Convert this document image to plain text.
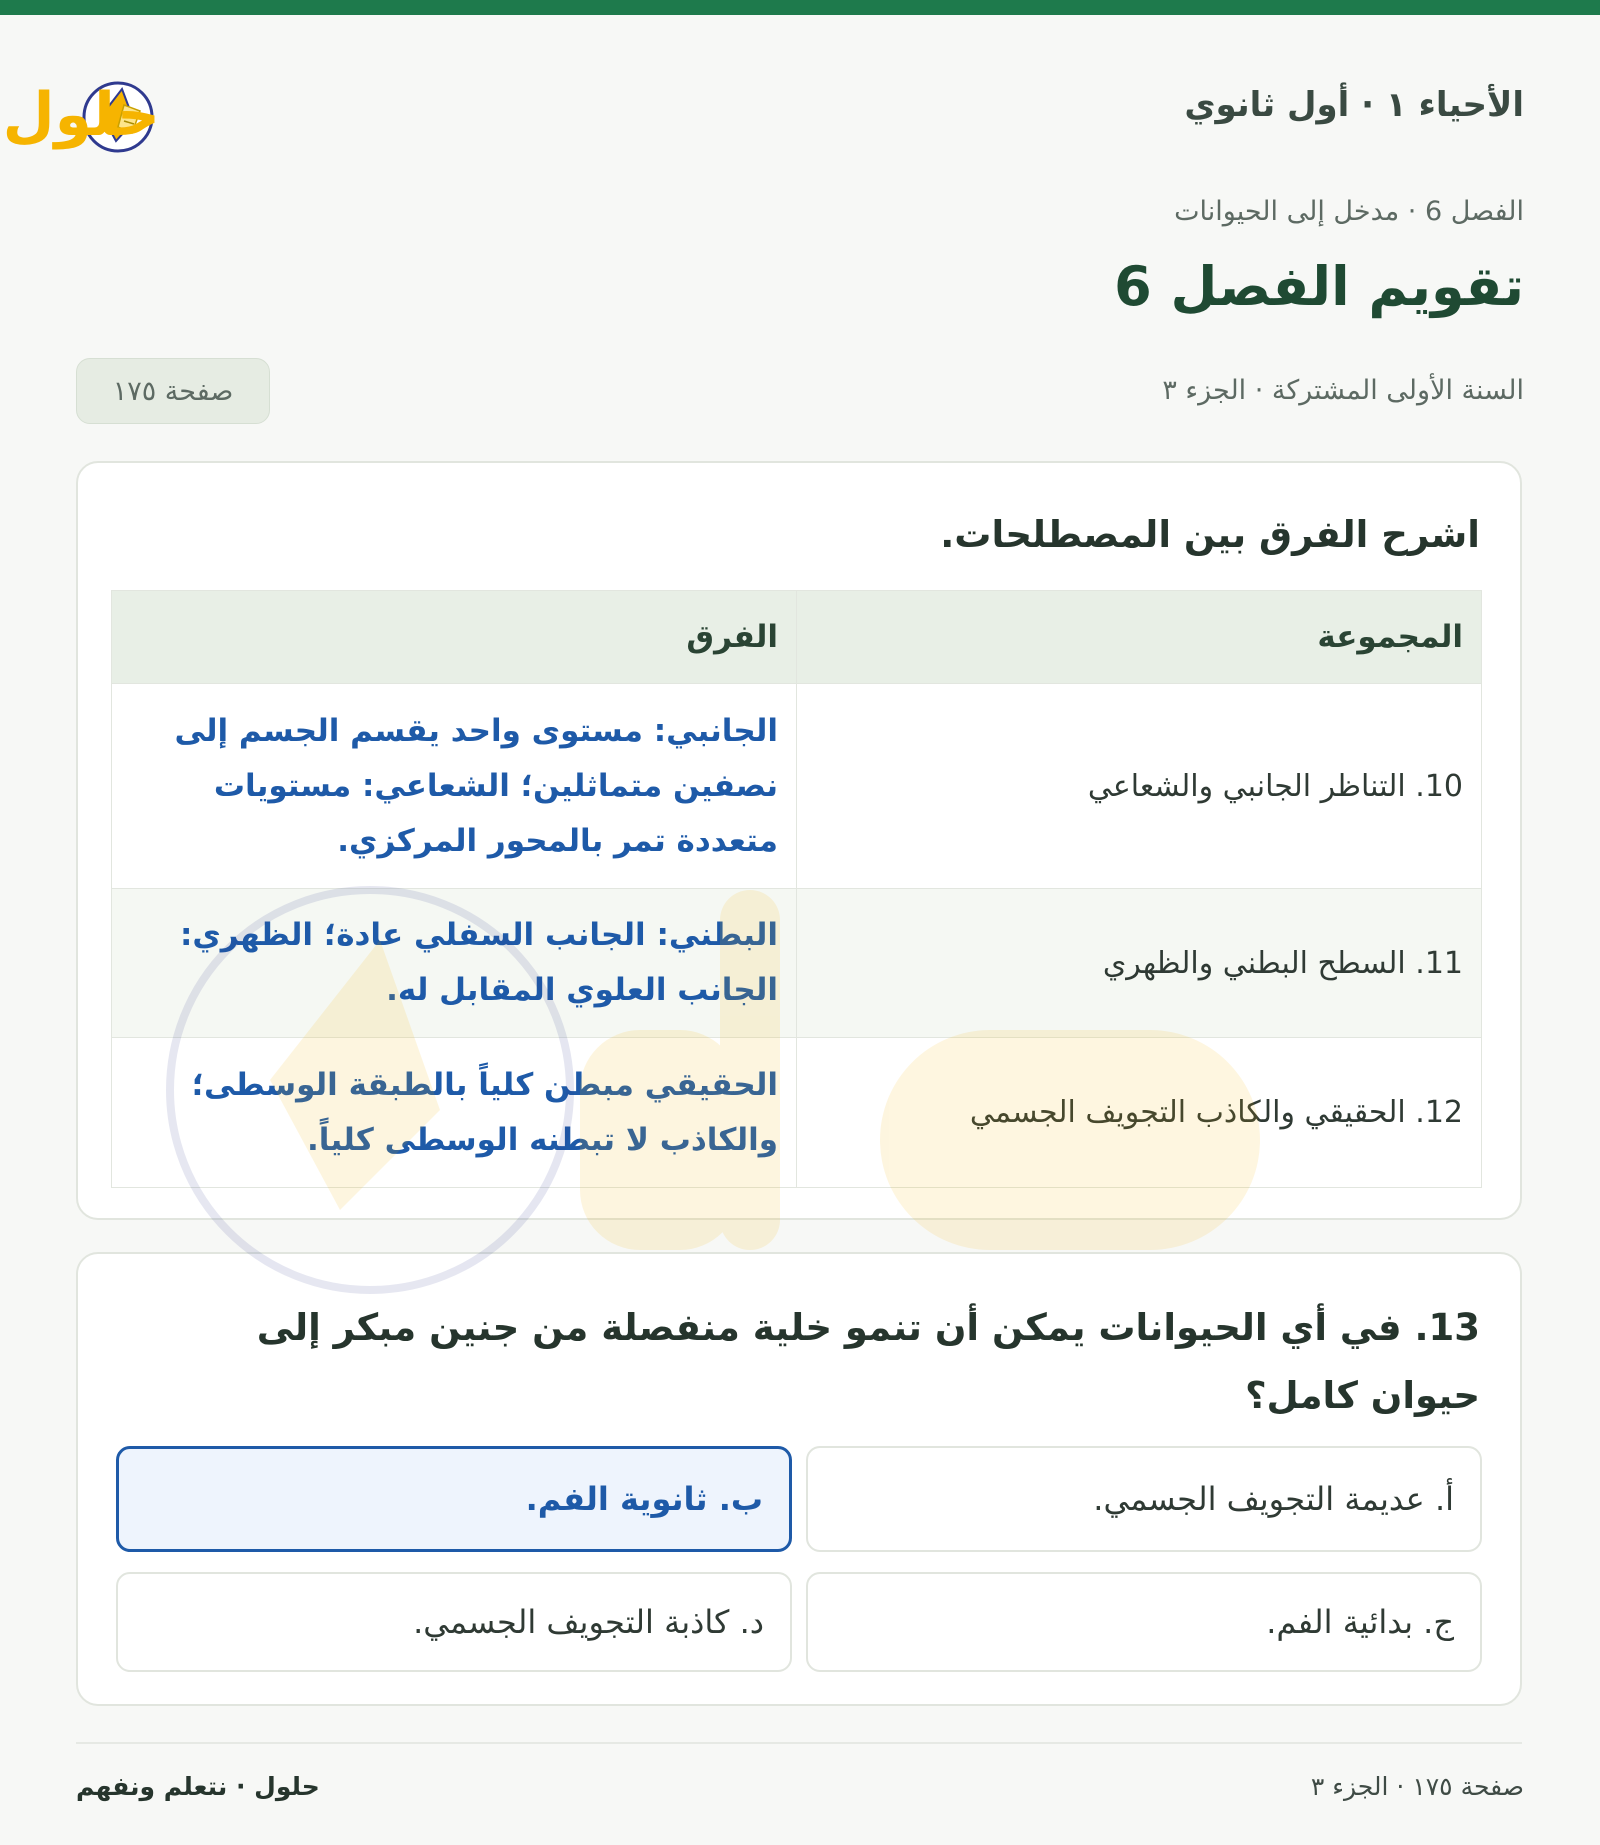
الأحياء ١ · أول ثانوي
حلول
الفصل 6 · مدخل إلى الحيوانات
تقويم الفصل 6
السنة الأولى المشتركة · الجزء ٣
صفحة ١٧٥
اشرح الفرق بين المصطلحات.
المجموعة	الفرق
10. التناظر الجانبي والشعاعي	الجانبي: مستوى واحد يقسم الجسم إلى نصفين متماثلين؛ الشعاعي: مستويات متعددة تمر بالمحور المركزي.
11. السطح البطني والظهري	البطني: الجانب السفلي عادة؛ الظهري: الجانب العلوي المقابل له.
12. الحقيقي والكاذب التجويف الجسمي	الحقيقي مبطن كلياً بالطبقة الوسطى؛ والكاذب لا تبطنه الوسطى كلياً.
13. في أي الحيوانات يمكن أن تنمو خلية منفصلة من جنين مبكر إلى حيوان كامل؟
أ. عديمة التجويف الجسمي.
ب. ثانوية الفم.
ج. بدائية الفم.
د. كاذبة التجويف الجسمي.
صفحة ١٧٥ · الجزء ٣
حلول · نتعلم ونفهم
